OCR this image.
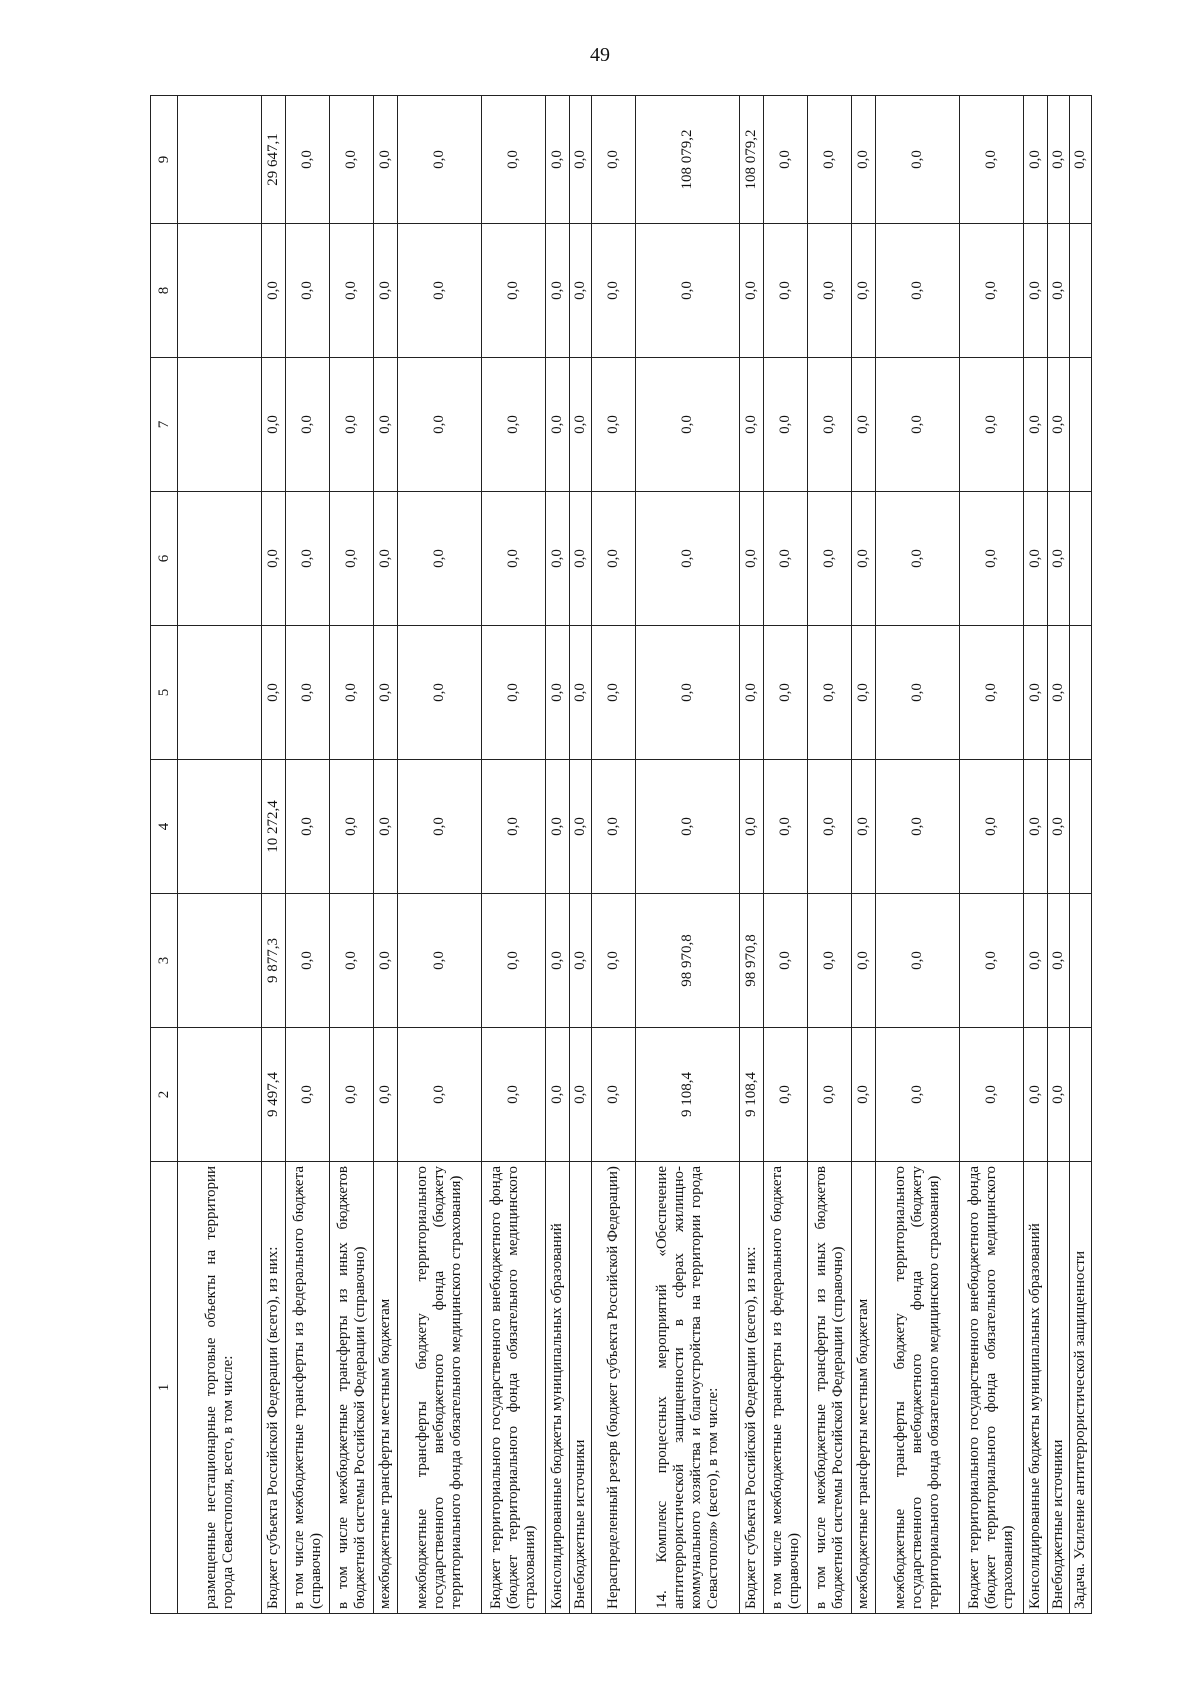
49
1	2	3	4	5	6	7	8	9
размещенные нестационарные торговые объекты на территории города Севастополя, всего, в том числе:								
Бюджет субъекта Российской Федерации (всего), из них:	9 497,4	9 877,3	10 272,4	0,0	0,0	0,0	0,0	29 647,1
в том числе межбюджетные трансферты из федерального бюджета (справочно)	0,0	0,0	0,0	0,0	0,0	0,0	0,0	0,0
в том числе межбюджетные трансферты из иных бюджетов бюджетной системы Российской Федерации (справочно)	0,0	0,0	0,0	0,0	0,0	0,0	0,0	0,0
межбюджетные трансферты местным бюджетам	0,0	0,0	0,0	0,0	0,0	0,0	0,0	0,0
межбюджетные трансферты бюджету территориального государственного внебюджетного фонда (бюджету территориального фонда обязательного медицинского страхования)	0,0	0,0	0,0	0,0	0,0	0,0	0,0	0,0
Бюджет территориального государственного внебюджетного фонда (бюджет территориального фонда обязательного медицинского страхования)	0,0	0,0	0,0	0,0	0,0	0,0	0,0	0,0
Консолидированные бюджеты муниципальных образований	0,0	0,0	0,0	0,0	0,0	0,0	0,0	0,0
Внебюджетные источники	0,0	0,0	0,0	0,0	0,0	0,0	0,0	0,0
Нераспределенный резерв (бюджет субъекта Российской Федерации)	0,0	0,0	0,0	0,0	0,0	0,0	0,0	0,0
14. Комплекс процессных мероприятий «Обеспечение антитеррористической защищенности в сферах жилищно-коммунального хозяйства и благоустройства на территории города Севастополя» (всего), в том числе:	9 108,4	98 970,8	0,0	0,0	0,0	0,0	0,0	108 079,2
Бюджет субъекта Российской Федерации (всего), из них:	9 108,4	98 970,8	0,0	0,0	0,0	0,0	0,0	108 079,2
в том числе межбюджетные трансферты из федерального бюджета (справочно)	0,0	0,0	0,0	0,0	0,0	0,0	0,0	0,0
в том числе межбюджетные трансферты из иных бюджетов бюджетной системы Российской Федерации (справочно)	0,0	0,0	0,0	0,0	0,0	0,0	0,0	0,0
межбюджетные трансферты местным бюджетам	0,0	0,0	0,0	0,0	0,0	0,0	0,0	0,0
межбюджетные трансферты бюджету территориального государственного внебюджетного фонда (бюджету территориального фонда обязательного медицинского страхования)	0,0	0,0	0,0	0,0	0,0	0,0	0,0	0,0
Бюджет территориального государственного внебюджетного фонда (бюджет территориального фонда обязательного медицинского страхования)	0,0	0,0	0,0	0,0	0,0	0,0	0,0	0,0
Консолидированные бюджеты муниципальных образований	0,0	0,0	0,0	0,0	0,0	0,0	0,0	0,0
Внебюджетные источники	0,0	0,0	0,0	0,0	0,0	0,0	0,0	0,0
Задача. Усиление антитеррористической защищенности								0,0
